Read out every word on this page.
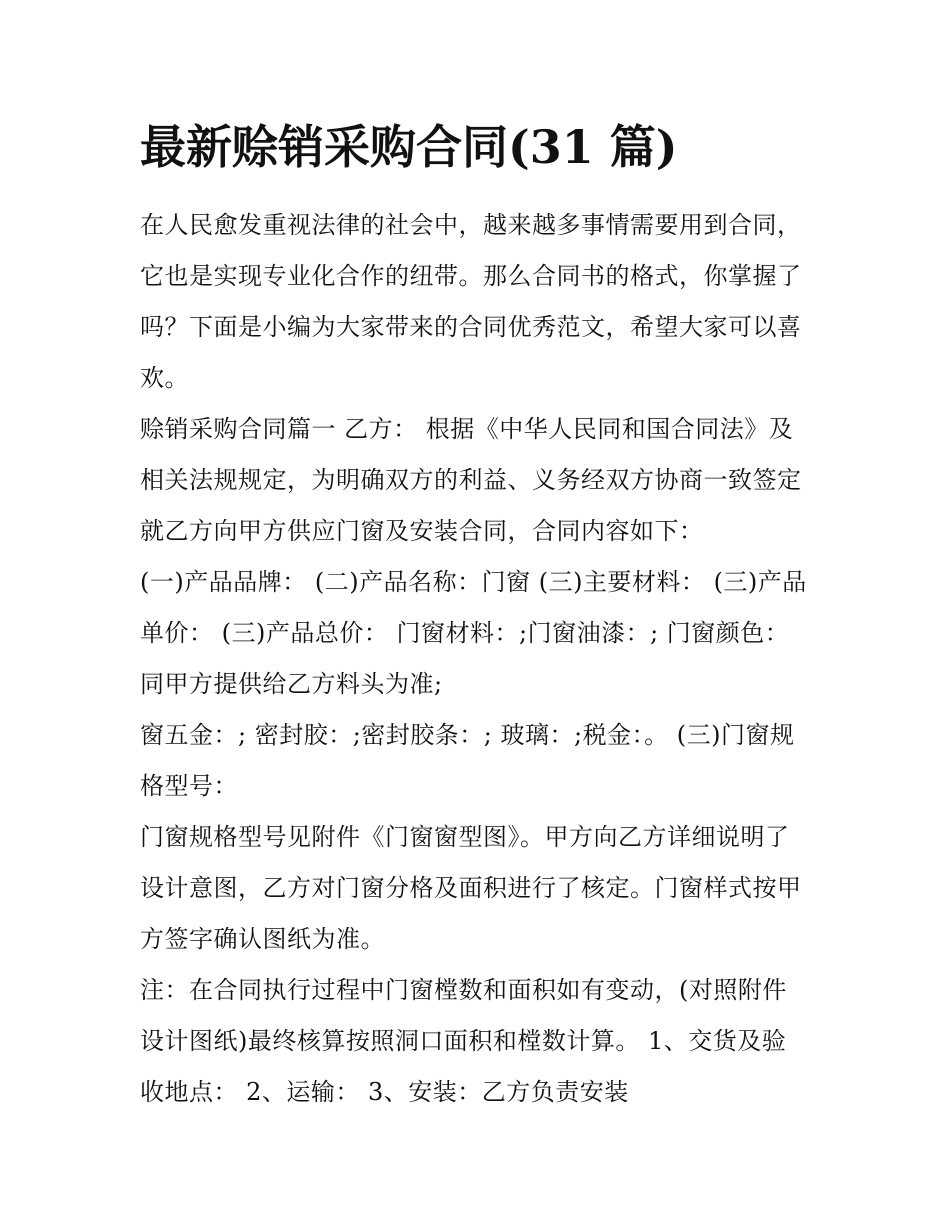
最新赊销采购合同(31 篇)

在人民愈发重视法律的社会中，越来越多事情需要用到合同，
它也是实现专业化合作的纽带。那么合同书的格式，你掌握了
吗？下面是小编为大家带来的合同优秀范文，希望大家可以喜
欢。

赊销采购合同篇一 乙方： 根据《中华人民同和国合同法》及
相关法规规定，为明确双方的利益、义务经双方协商一致签定
就乙方向甲方供应门窗及安装合同，合同内容如下：

(一)产品品牌： (二)产品名称：门窗 (三)主要材料： (三)产品
单价： (三)产品总价： 门窗材料：;门窗油漆：; 门窗颜色：
同甲方提供给乙方料头为准;

窗五金：; 密封胶：;密封胶条：; 玻璃：;税金：。 (三)门窗规
格型号：

门窗规格型号见附件《门窗窗型图》。甲方向乙方详细说明了
设计意图，乙方对门窗分格及面积进行了核定。门窗样式按甲
方签字确认图纸为准。

注：在合同执行过程中门窗樘数和面积如有变动，(对照附件
设计图纸)最终核算按照洞口面积和樘数计算。 1、交货及验
收地点： 2、运输： 3、安装：乙方负责安装
